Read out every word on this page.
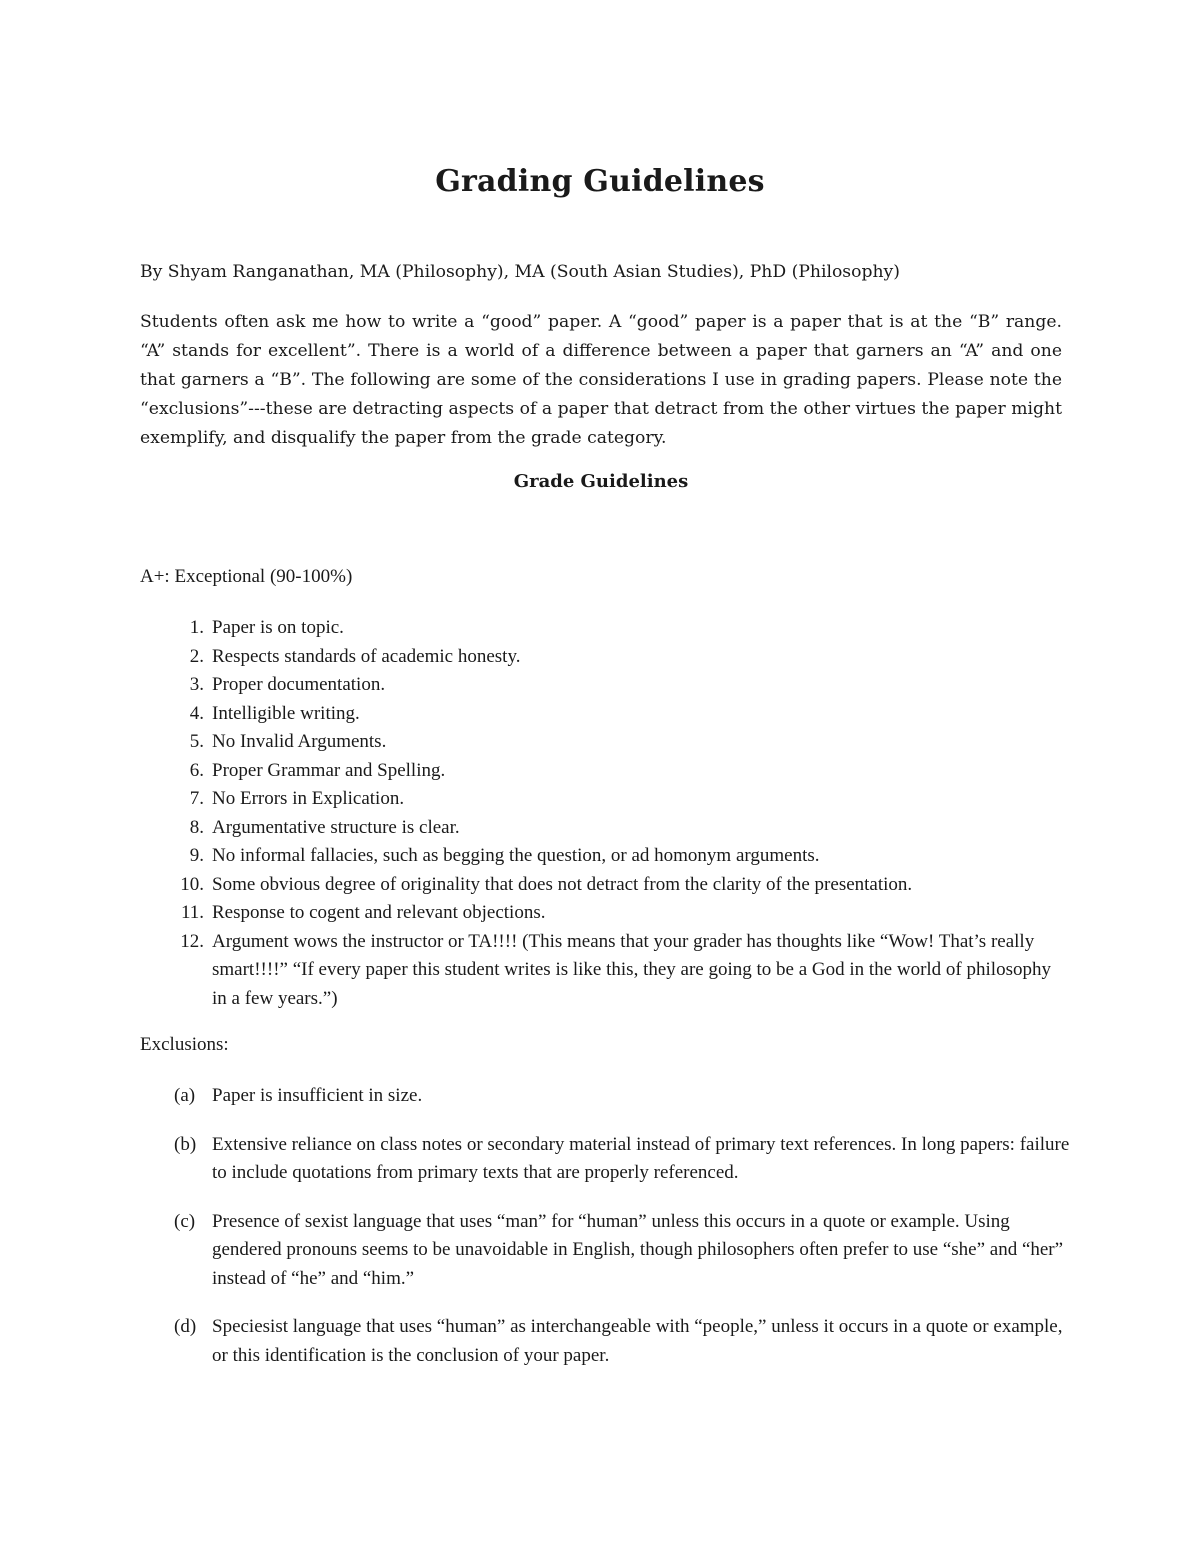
Grading Guidelines

By Shyam Ranganathan, MA (Philosophy), MA (South Asian Studies), PhD (Philosophy)

Students often ask me how to write a “good” paper. A “good” paper is a paper that is at the “B” range. “A” stands for excellent”. There is a world of a difference between a paper that garners an “A” and one that garners a “B”. The following are some of the considerations I use in grading papers. Please note the “exclusions”---these are detracting aspects of a paper that detract from the other virtues the paper might exemplify, and disqualify the paper from the grade category.

Grade Guidelines

A+: Exceptional (90-100%)

1. Paper is on topic.
2. Respects standards of academic honesty.
3. Proper documentation.
4. Intelligible writing.
5. No Invalid Arguments.
6. Proper Grammar and Spelling.
7. No Errors in Explication.
8. Argumentative structure is clear.
9. No informal fallacies, such as begging the question, or ad homonym arguments.
10. Some obvious degree of originality that does not detract from the clarity of the presentation.
11. Response to cogent and relevant objections.
12. Argument wows the instructor or TA!!!! (This means that your grader has thoughts like “Wow! That’s really smart!!!!” “If every paper this student writes is like this, they are going to be a God in the world of philosophy in a few years.”)

Exclusions:

(a) Paper is insufficient in size.
(b) Extensive reliance on class notes or secondary material instead of primary text references. In long papers: failure to include quotations from primary texts that are properly referenced.
(c) Presence of sexist language that uses “man” for “human” unless this occurs in a quote or example. Using gendered pronouns seems to be unavoidable in English, though philosophers often prefer to use “she” and “her” instead of “he” and “him.”
(d) Speciesist language that uses “human” as interchangeable with “people,” unless it occurs in a quote or example, or this identification is the conclusion of your paper.
